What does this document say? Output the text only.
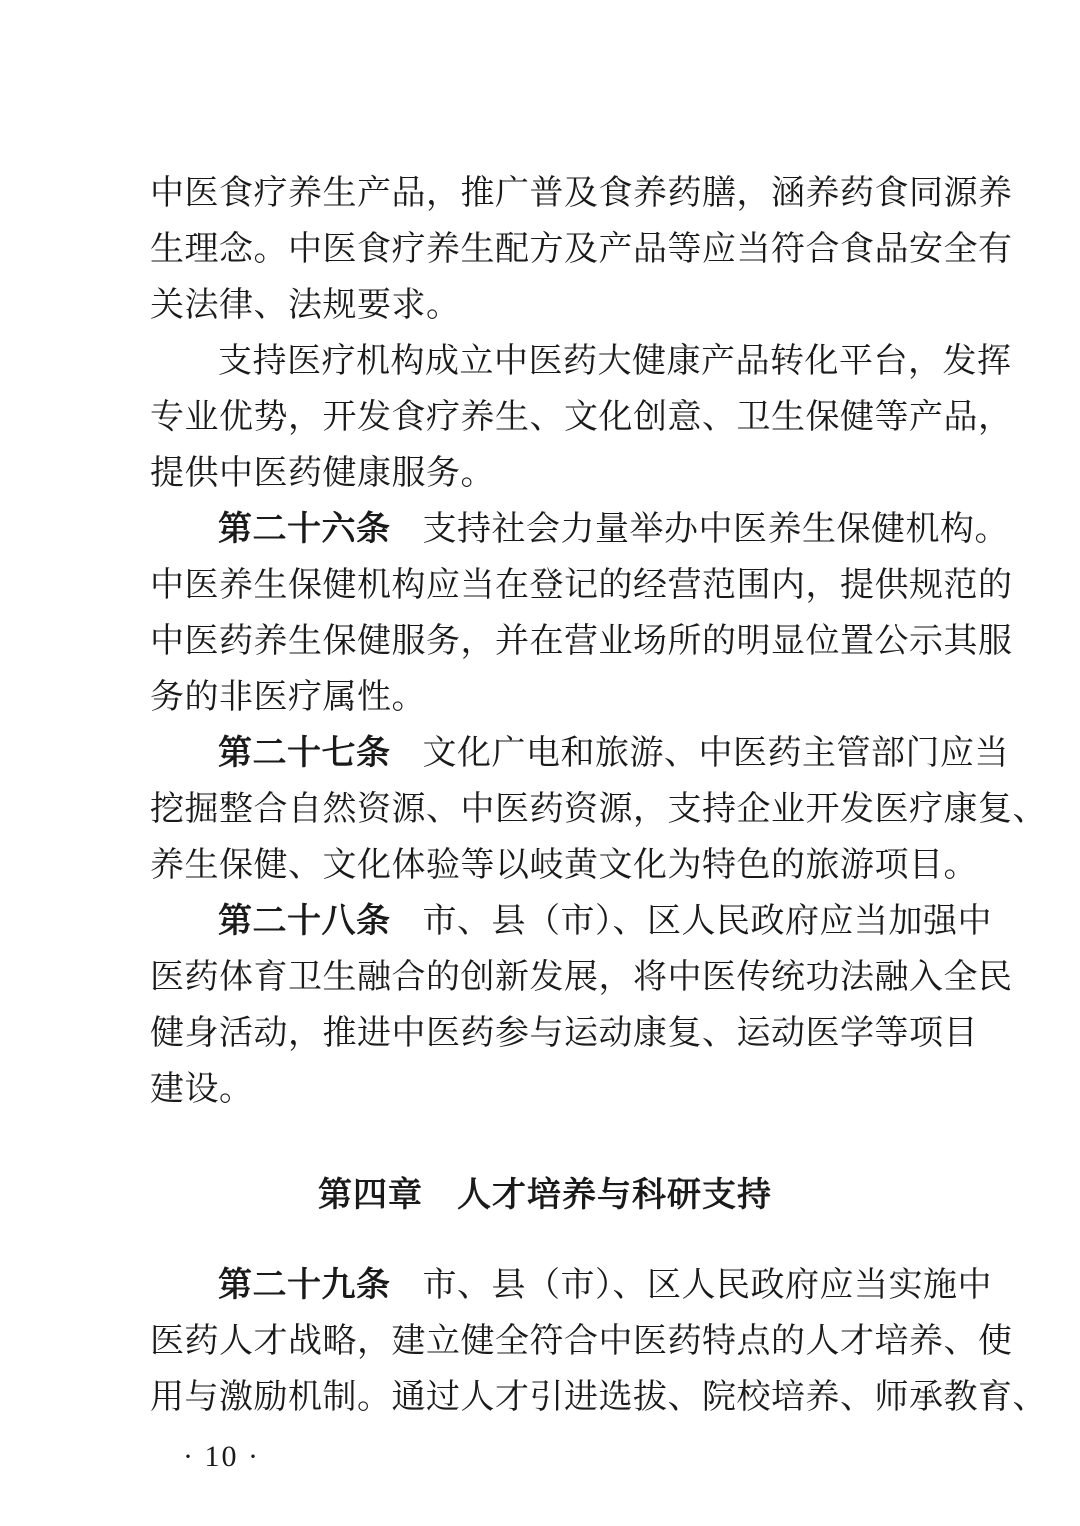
中医食疗养生产品，推广普及食养药膳，涵养药食同源养
生理念。中医食疗养生配方及产品等应当符合食品安全有
关法律、法规要求。
支持医疗机构成立中医药大健康产品转化平台，发挥
专业优势，开发食疗养生、文化创意、卫生保健等产品，
提供中医药健康服务。
第二十六条 支持社会力量举办中医养生保健机构。
中医养生保健机构应当在登记的经营范围内，提供规范的
中医药养生保健服务，并在营业场所的明显位置公示其服
务的非医疗属性。
第二十七条 文化广电和旅游、中医药主管部门应当
挖掘整合自然资源、中医药资源，支持企业开发医疗康复、
养生保健、文化体验等以岐黄文化为特色的旅游项目。
第二十八条 市、县（市）、区人民政府应当加强中
医药体育卫生融合的创新发展，将中医传统功法融入全民
健身活动，推进中医药参与运动康复、运动医学等项目
建设。
第四章 人才培养与科研支持
第二十九条 市、县（市）、区人民政府应当实施中
医药人才战略，建立健全符合中医药特点的人才培养、使
用与激励机制。通过人才引进选拔、院校培养、师承教育、
· 10 ·
